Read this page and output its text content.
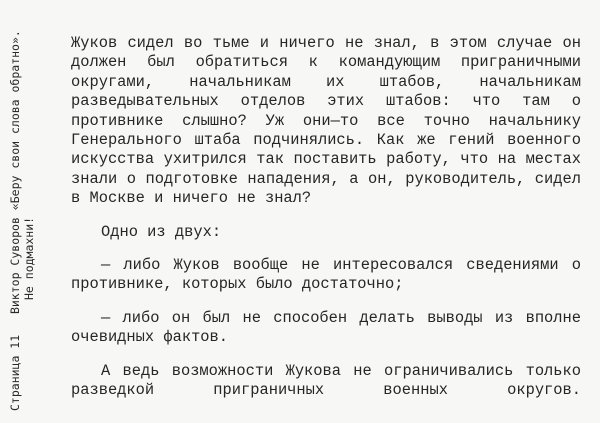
Страница 11   Виктор Суворов «Беру свои слова обратно». Не подмахни!

Жуков сидел во тьме и ничего не знал, в этом случае он должен был обратиться к командующим приграничными округами, начальникам их штабов, начальникам разведывательных отделов этих штабов: что там о противнике слышно? Уж они—то все точно начальнику Генерального штаба подчинялись. Как же гений военного искусства ухитрился так поставить работу, что на местах знали о подготовке нападения, а он, руководитель, сидел в Москве и ничего не знал?

Одно из двух:

— либо Жуков вообще не интересовался сведениями о противнике, которых было достаточно;

— либо он был не способен делать выводы из вполне очевидных фактов.

А ведь возможности Жукова не ограничивались только разведкой приграничных военных округов.
